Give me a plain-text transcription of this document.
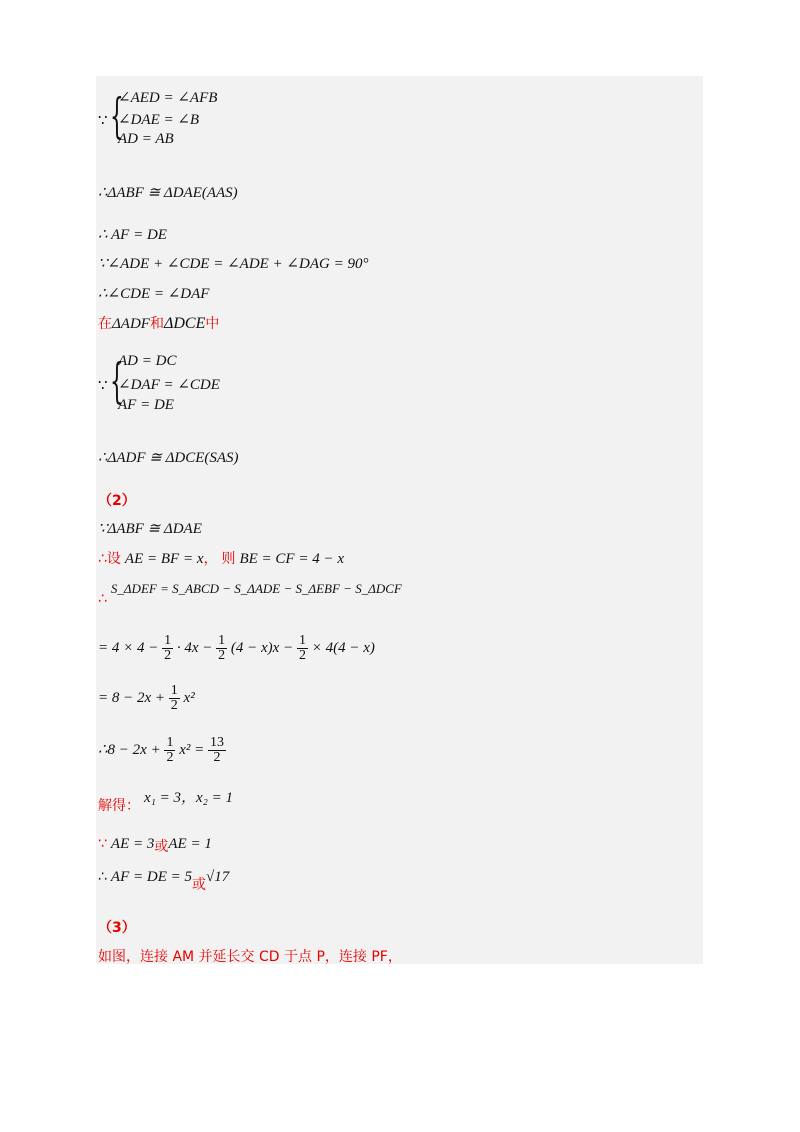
∵ {
∠AED = ∠AFB
∠DAE = ∠B
AD = AB
∴ΔABF ≅ ΔDAE(AAS)
∴ AF = DE
∵∠ADE + ∠CDE = ∠ADE + ∠DAG = 90°
∴∠CDE = ∠DAF
在ΔADF和ΔDCE中
∵ {
AD = DC
∠DAF = ∠CDE
AF = DE
∴ΔADF ≅ ΔDCE(SAS)
（2）
∵ΔABF ≅ ΔDAE
∴设 AE = BF = x， 则 BE = CF = 4 − x
∴ S_ΔDEF = S_ABCD − S_ΔADE − S_ΔEBF − S_ΔDCF
= $4 \times 4 - \frac{1}{2} \cdot 4x - \frac{1}{2} (4 - x)x - \frac{1}{2} \times 4(4 - x)$
= $8 - 2x + \frac{1}{2} x^2$
∴8 − $2x + \frac{1}{2} x^2 = \frac{13}{2}$
解得： x₁ = 3，x₂ = 1
∵ AE = 3或AE = 1
∴ AF = DE = 5或√17
（3）
如图，连接 AM 并延长交 CD 于点 P，连接 PF，
